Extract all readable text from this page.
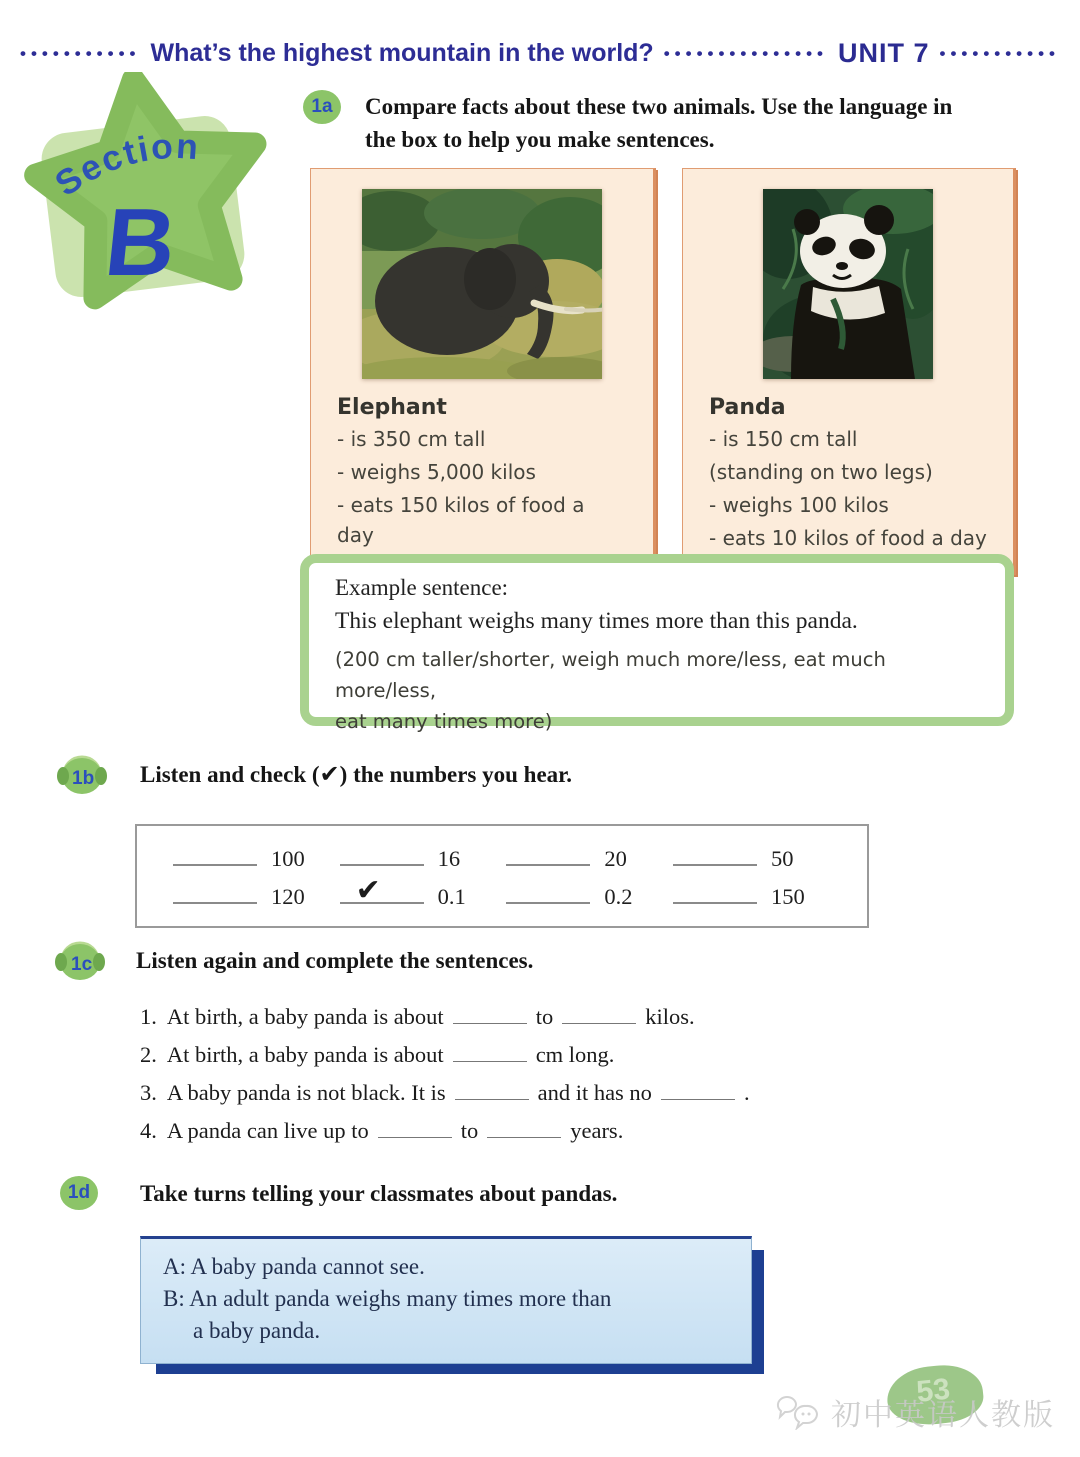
••••••••••• What’s the highest mountain in the world? ••••••••••••••• UNIT 7 •••••••••••
Section
B
1a	Compare facts about these two animals. Use the language in the box to help you make sentences.
Elephant
- is 350 cm tall
- weighs 5,000 kilos
- eats 150 kilos of food a day
Panda
- is 150 cm tall
(standing on two legs)
- weighs 100 kilos
- eats 10 kilos of food a day
Example sentence:
This elephant weighs many times more than this panda.
(200 cm taller/shorter, weigh much more/less, eat much more/less,
eat many times more)
1b Listen and check (✔) the numbers you hear.
100	16	20	50
120 ✔	0.1	0.2	150
1c Listen again and complete the sentences.
1. At birth, a baby panda is about	to	kilos.
2. At birth, a baby panda is about	cm long.
3. A baby panda is not black. It is	and it has no	.
4. A panda can live up to	to	years.
1d	Take turns telling your classmates about pandas.
A: A baby panda cannot see.
B: An adult panda weighs many times more than
a baby panda.
53
初中英语人教版
